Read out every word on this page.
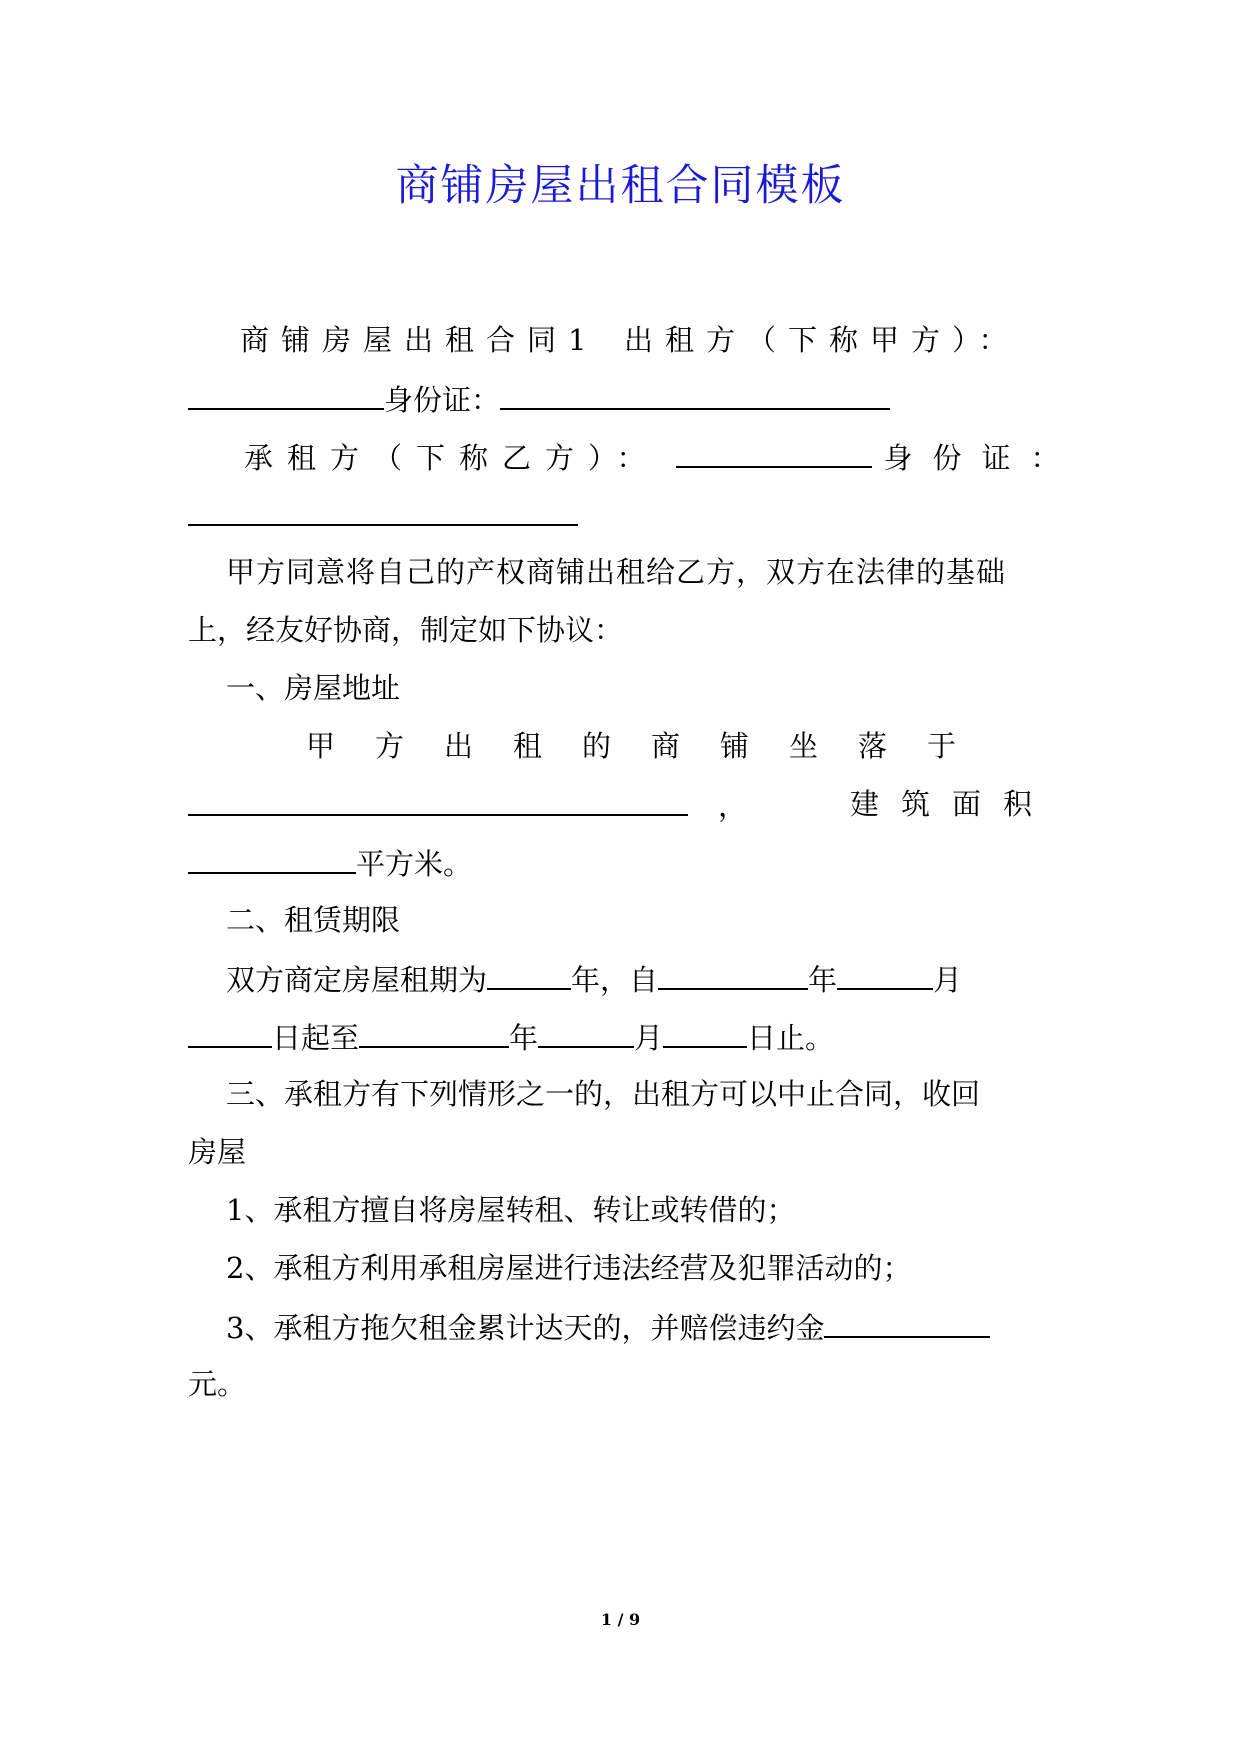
商铺房屋出租合同模板
商铺房屋出租合同1 出租方（下称甲方）：
身份证：
承租方（下称乙方）：	身份证：
甲方同意将自己的产权商铺出租给乙方，双方在法律的基础
上，经友好协商，制定如下协议：
一、房屋地址
甲方出租的商铺坐落于
，	建筑面积
平方米。
二、租赁期限
双方商定房屋租期为	年，自	年	月
日起至	年	月	日止。
三、承租方有下列情形之一的，出租方可以中止合同，收回
房屋
1、承租方擅自将房屋转租、转让或转借的；
2、承租方利用承租房屋进行违法经营及犯罪活动的；
3、承租方拖欠租金累计达天的，并赔偿违约金
元。
1 / 9
